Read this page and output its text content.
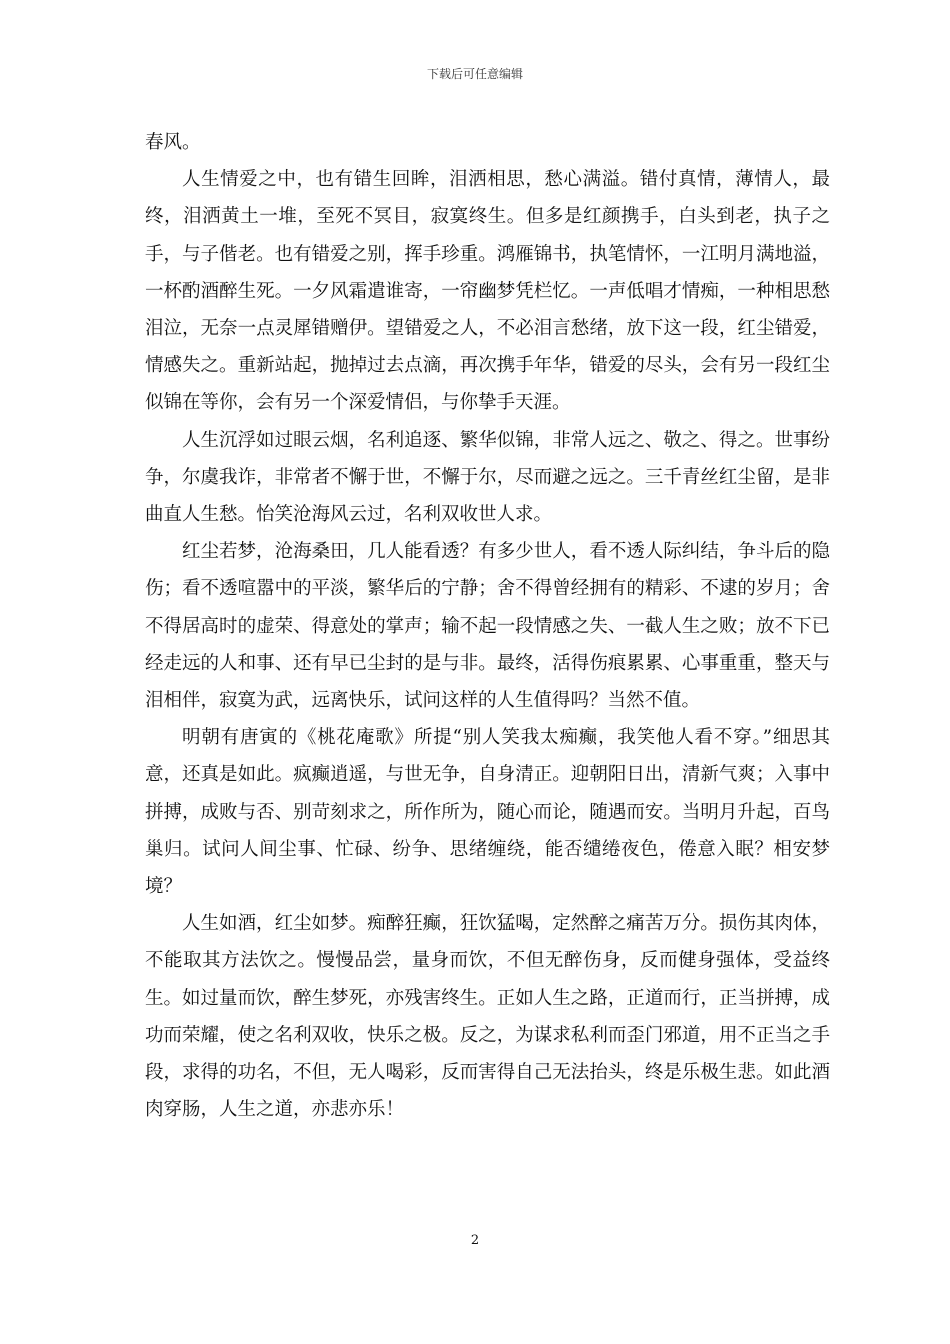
下载后可任意编辑

春风。

人生情爱之中，也有错生回眸，泪洒相思，愁心满溢。错付真情，薄情人，最终，泪洒黄土一堆，至死不冥目，寂寞终生。但多是红颜携手，白头到老，执子之手，与子偕老。也有错爱之别，挥手珍重。鸿雁锦书，执笔情怀，一江明月满地溢，一杯酌酒醉生死。一夕风霜遣谁寄，一帘幽梦凭栏忆。一声低唱才情痴，一种相思愁泪泣，无奈一点灵犀错赠伊。望错爱之人，不必泪言愁绪，放下这一段，红尘错爱，情感失之。重新站起，抛掉过去点滴，再次携手年华，错爱的尽头，会有另一段红尘似锦在等你，会有另一个深爱情侣，与你挚手天涯。

人生沉浮如过眼云烟，名利追逐、繁华似锦，非常人远之、敬之、得之。世事纷争，尔虞我诈，非常者不懈于世，不懈于尔，尽而避之远之。三千青丝红尘留，是非曲直人生愁。怡笑沧海风云过，名利双收世人求。

红尘若梦，沧海桑田，几人能看透？有多少世人，看不透人际纠结，争斗后的隐伤；看不透喧嚣中的平淡，繁华后的宁静；舍不得曾经拥有的精彩、不逮的岁月；舍不得居高时的虚荣、得意处的掌声；输不起一段情感之失、一截人生之败；放不下已经走远的人和事、还有早已尘封的是与非。最终，活得伤痕累累、心事重重，整天与泪相伴，寂寞为武，远离快乐，试问这样的人生值得吗？当然不值。

明朝有唐寅的《桃花庵歌》所提“别人笑我太痴癫，我笑他人看不穿。”细思其意，还真是如此。疯癫逍遥，与世无争，自身清正。迎朝阳日出，清新气爽；入事中拼搏，成败与否、别苛刻求之，所作所为，随心而论，随遇而安。当明月升起，百鸟巢归。试问人间尘事、忙碌、纷争、思绪缠绕，能否缱绻夜色，倦意入眠？相安梦境？

人生如酒，红尘如梦。痴醉狂癫，狂饮猛喝，定然醉之痛苦万分。损伤其肉体，不能取其方法饮之。慢慢品尝，量身而饮，不但无醉伤身，反而健身强体，受益终生。如过量而饮，醉生梦死，亦残害终生。正如人生之路，正道而行，正当拼搏，成功而荣耀，使之名利双收，快乐之极。反之，为谋求私利而歪门邪道，用不正当之手段，求得的功名，不但，无人喝彩，反而害得自己无法抬头，终是乐极生悲。如此酒肉穿肠，人生之道，亦悲亦乐！

2
